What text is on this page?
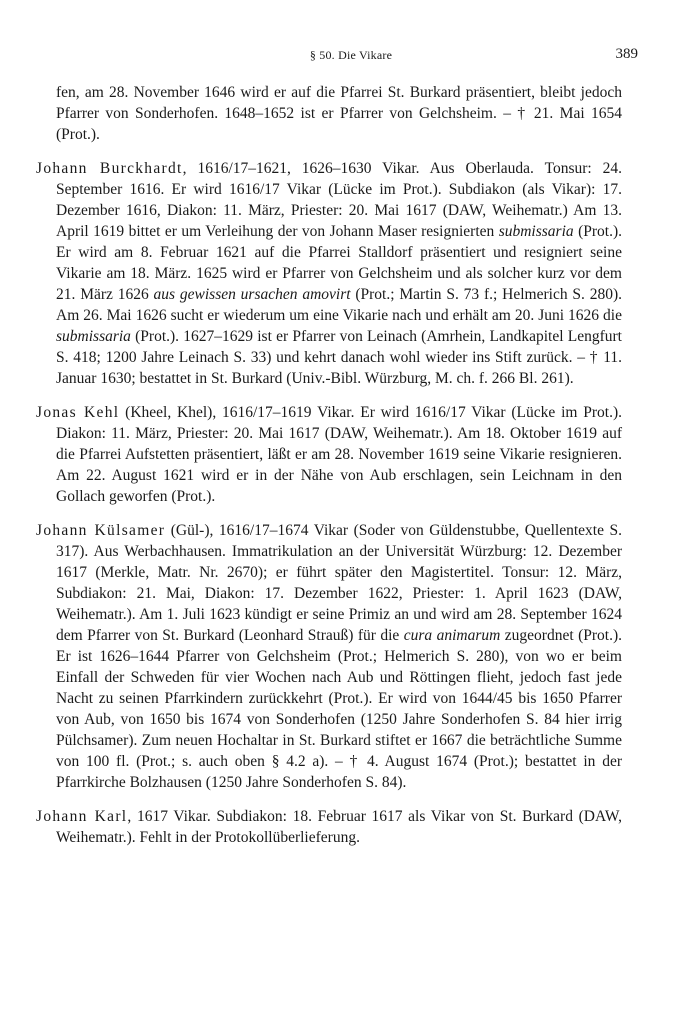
§ 50. Die Vikare	389

fen, am 28. November 1646 wird er auf die Pfarrei St. Burkard präsentiert, bleibt jedoch Pfarrer von Sonderhofen. 1648–1652 ist er Pfarrer von Gelchsheim. – † 21. Mai 1654 (Prot.).

Johann Burckhardt, 1616/17–1621, 1626–1630 Vikar. Aus Oberlauda. Tonsur: 24. September 1616. Er wird 1616/17 Vikar (Lücke im Prot.). Subdiakon (als Vikar): 17. Dezember 1616, Diakon: 11. März, Priester: 20. Mai 1617 (DAW, Weihematr.) Am 13. April 1619 bittet er um Verleihung der von Johann Maser resignierten submissaria (Prot.). Er wird am 8. Februar 1621 auf die Pfarrei Stalldorf präsentiert und resigniert seine Vikarie am 18. März. 1625 wird er Pfarrer von Gelchsheim und als solcher kurz vor dem 21. März 1626 aus gewissen ursachen amovirt (Prot.; Martin S. 73 f.; Helmerich S. 280). Am 26. Mai 1626 sucht er wiederum um eine Vikarie nach und erhält am 20. Juni 1626 die submissaria (Prot.). 1627–1629 ist er Pfarrer von Leinach (Amrhein, Landkapitel Lengfurt S. 418; 1200 Jahre Leinach S. 33) und kehrt danach wohl wieder ins Stift zurück. – † 11. Januar 1630; bestattet in St. Burkard (Univ.-Bibl. Würzburg, M. ch. f. 266 Bl. 261).

Jonas Kehl (Kheel, Khel), 1616/17–1619 Vikar. Er wird 1616/17 Vikar (Lücke im Prot.). Diakon: 11. März, Priester: 20. Mai 1617 (DAW, Weihematr.). Am 18. Oktober 1619 auf die Pfarrei Aufstetten präsentiert, läßt er am 28. November 1619 seine Vikarie resignieren. Am 22. August 1621 wird er in der Nähe von Aub erschlagen, sein Leichnam in den Gollach geworfen (Prot.).

Johann Külsamer (Gül-), 1616/17–1674 Vikar (Soder von Güldenstubbe, Quellentexte S. 317). Aus Werbachhausen. Immatrikulation an der Universität Würzburg: 12. Dezember 1617 (Merkle, Matr. Nr. 2670); er führt später den Magistertitel. Tonsur: 12. März, Subdiakon: 21. Mai, Diakon: 17. Dezember 1622, Priester: 1. April 1623 (DAW, Weihematr.). Am 1. Juli 1623 kündigt er seine Primiz an und wird am 28. September 1624 dem Pfarrer von St. Burkard (Leonhard Strauß) für die cura animarum zugeordnet (Prot.). Er ist 1626–1644 Pfarrer von Gelchsheim (Prot.; Helmerich S. 280), von wo er beim Einfall der Schweden für vier Wochen nach Aub und Röttingen flieht, jedoch fast jede Nacht zu seinen Pfarrkindern zurückkehrt (Prot.). Er wird von 1644/45 bis 1650 Pfarrer von Aub, von 1650 bis 1674 von Sonderhofen (1250 Jahre Sonderhofen S. 84 hier irrig Pülchsamer). Zum neuen Hochaltar in St. Burkard stiftet er 1667 die beträchtliche Summe von 100 fl. (Prot.; s. auch oben § 4.2 a). – † 4. August 1674 (Prot.); bestattet in der Pfarrkirche Bolzhausen (1250 Jahre Sonderhofen S. 84).

Johann Karl, 1617 Vikar. Subdiakon: 18. Februar 1617 als Vikar von St. Burkard (DAW, Weihematr.). Fehlt in der Protokollüberlieferung.
